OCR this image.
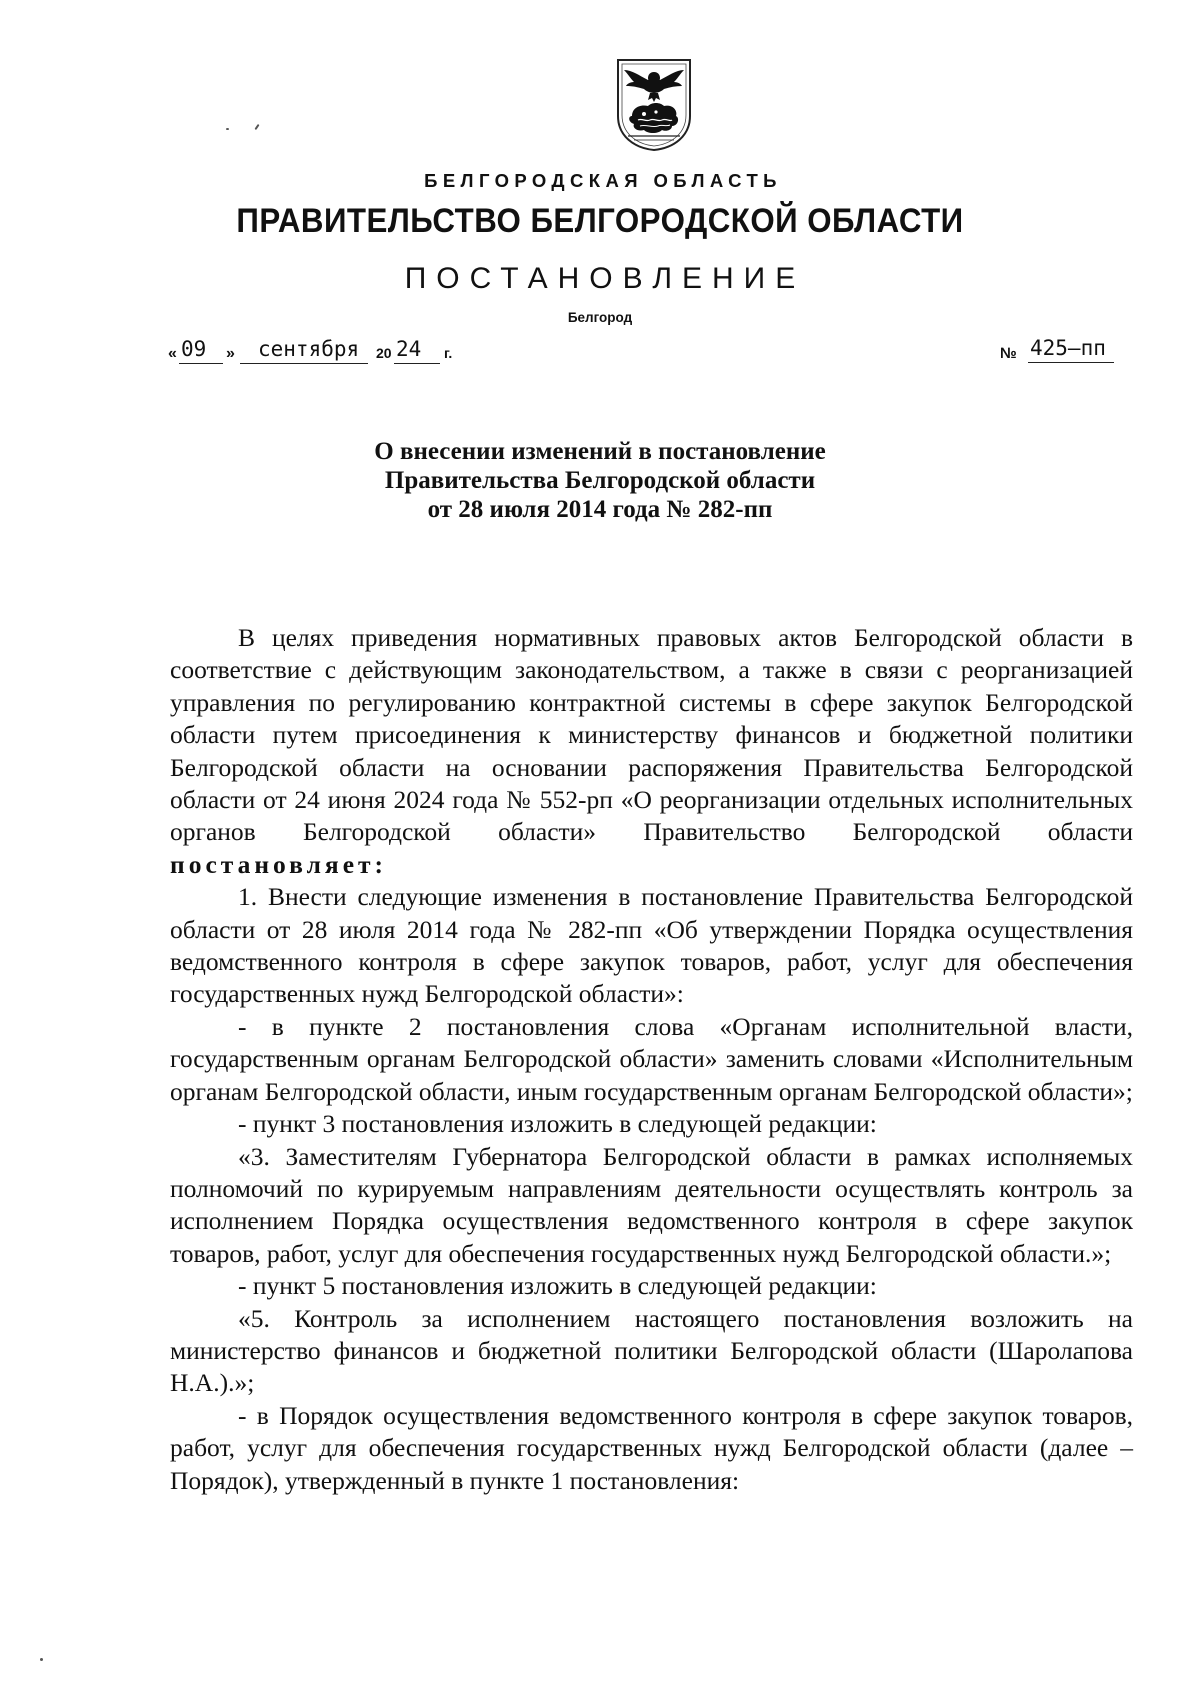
БЕЛГОРОДСКАЯ ОБЛАСТЬ
ПРАВИТЕЛЬСТВО БЕЛГОРОДСКОЙ ОБЛАСТИ
ПОСТАНОВЛЕНИЕ
Белгород
« 09 » сентября 20 24 г.	№ 425–пп
О внесении изменений в постановление
Правительства Белгородской области
от 28 июля 2014 года № 282-пп

В целях приведения нормативных правовых актов Белгородской области в соответствие с действующим законодательством, а также в связи с реорганизацией управления по регулированию контрактной системы в сфере закупок Белгородской области путем присоединения к министерству финансов и бюджетной политики Белгородской области на основании распоряжения Правительства Белгородской области от 24 июня 2024 года № 552-рп «О реорганизации отдельных исполнительных органов Белгородской области» Правительство Белгородской области постановляет:

1. Внести следующие изменения в постановление Правительства Белгородской области от 28 июля 2014 года № 282-пп «Об утверждении Порядка осуществления ведомственного контроля в сфере закупок товаров, работ, услуг для обеспечения государственных нужд Белгородской области»:

- в пункте 2 постановления слова «Органам исполнительной власти, государственным органам Белгородской области» заменить словами «Исполнительным органам Белгородской области, иным государственным органам Белгородской области»;

- пункт 3 постановления изложить в следующей редакции:

«3. Заместителям Губернатора Белгородской области в рамках исполняемых полномочий по курируемым направлениям деятельности осуществлять контроль за исполнением Порядка осуществления ведомственного контроля в сфере закупок товаров, работ, услуг для обеспечения государственных нужд Белгородской области.»;

- пункт 5 постановления изложить в следующей редакции:

«5. Контроль за исполнением настоящего постановления возложить на министерство финансов и бюджетной политики Белгородской области (Шаролапова Н.А.).»;

- в Порядок осуществления ведомственного контроля в сфере закупок товаров, работ, услуг для обеспечения государственных нужд Белгородской области (далее – Порядок), утвержденный в пункте 1 постановления:
